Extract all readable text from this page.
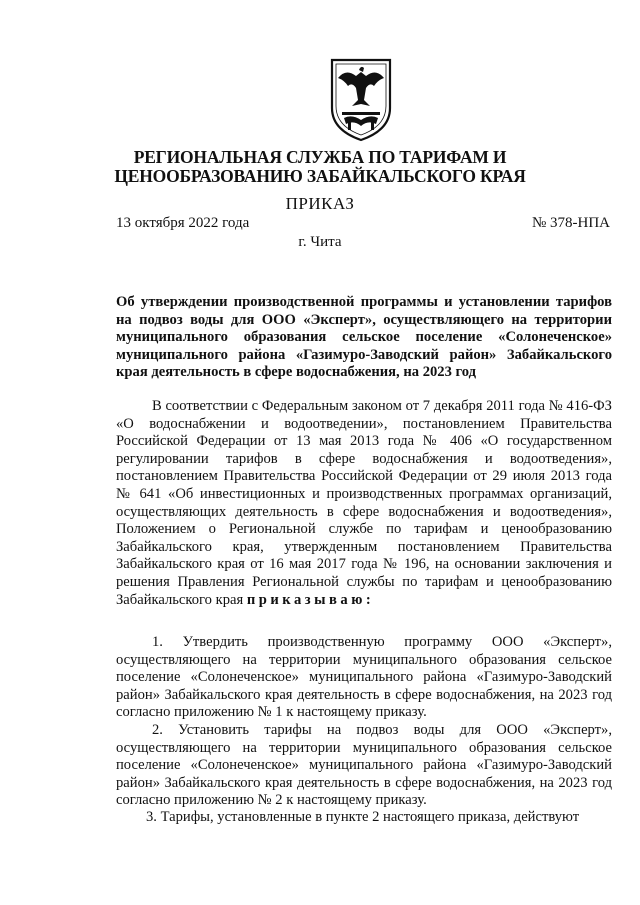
РЕГИОНАЛЬНАЯ СЛУЖБА ПО ТАРИФАМ И
ЦЕНООБРАЗОВАНИЮ ЗАБАЙКАЛЬСКОГО КРАЯ
ПРИКАЗ
13 октября 2022 года	№ 378-НПА
г. Чита
Об утверждении производственной программы и установлении тарифов на подвоз воды для ООО «Эксперт», осуществляющего на территории муниципального образования сельское поселение «Солонеченское» муниципального района «Газимуро-Заводский район» Забайкальского края деятельность в сфере водоснабжения, на 2023 год
В соответствии с Федеральным законом от 7 декабря 2011 года № 416-ФЗ «О водоснабжении и водоотведении», постановлением Правительства Российской Федерации от 13 мая 2013 года № 406 «О государственном регулировании тарифов в сфере водоснабжения и водоотведения», постановлением Правительства Российской Федерации от 29 июля 2013 года № 641 «Об инвестиционных и производственных программах организаций, осуществляющих деятельность в сфере водоснабжения и водоотведения», Положением о Региональной службе по тарифам и ценообразованию Забайкальского края, утвержденным постановлением Правительства Забайкальского края от 16 мая 2017 года № 196, на основании заключения и решения Правления Региональной службы по тарифам и ценообразованию Забайкальского края приказываю:
1. Утвердить производственную программу ООО «Эксперт», осуществляющего на территории муниципального образования сельское поселение «Солонеченское» муниципального района «Газимуро-Заводский район» Забайкальского края деятельность в сфере водоснабжения, на 2023 год согласно приложению № 1 к настоящему приказу.
2. Установить тарифы на подвоз воды для ООО «Эксперт», осуществляющего на территории муниципального образования сельское поселение «Солонеченское» муниципального района «Газимуро-Заводский район» Забайкальского края деятельность в сфере водоснабжения, на 2023 год согласно приложению № 2 к настоящему приказу.
3. Тарифы, установленные в пункте 2 настоящего приказа, действуют
